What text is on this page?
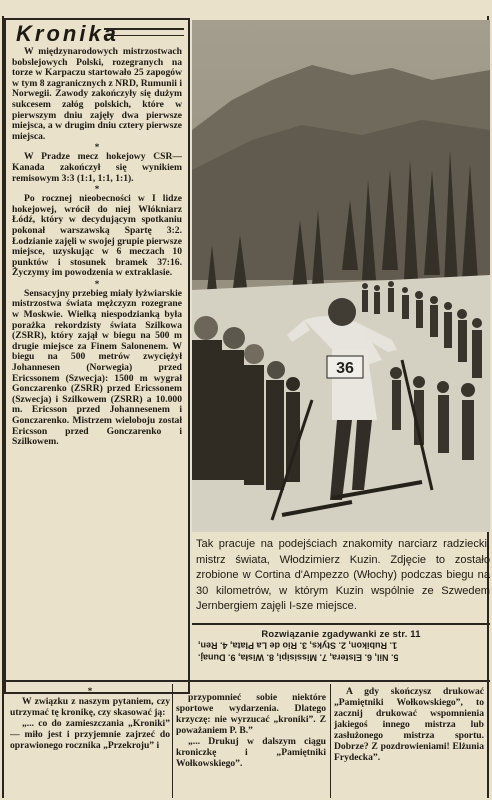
Kronika

W międzynarodowych mistrzostwach bobslejowych Polski, rozegranych na torze w Karpaczu startowało 25 zapogów w tym 8 zagranicznych z NRD, Rumunii i Norwegii. Zawody zakończyły się dużym sukcesem załóg polskich, które w pierwszym dniu zajęły dwa pierwsze miejsca, a w drugim dniu cztery pierwsze miejsca.

*

W Pradze mecz hokejowy CSR—Kanada zakończył się wynikiem remisowym 3:3 (1:1, 1:1, 1:1).

*

Po rocznej nieobecności w I lidze hokejowej, wrócił do niej Włókniarz Łódź, który w decydującym spotkaniu pokonał warszawską Spartę 3:2. Łodzianie zajęli w swojej grupie pierwsze miejsce, uzyskując w 6 meczach 10 punktów i stosunek bramek 37:16. Życzymy im powodzenia w extraklasie.

*

Sensacyjny przebieg miały łyżwiarskie mistrzostwa świata mężczyzn rozegrane w Moskwie. Wielką niespodzianką była porażka rekordzisty świata Szilkowa (ZSRR), który zajął w biegu na 500 m drugie miejsce za Finem Salonenem. W biegu na 500 metrów zwyciężył Johannesen (Norwegia) przed Ericssonem (Szwecja): 1500 m wygrał Gonczarenko (ZSRR) przed Ericssonem (Szwecja) i Szilkowem (ZSRR) a 10.000 m. Ericsson przed Johannesenem i Gonczarenko. Mistrzem wieloboju został Ericsson przed Gonczarenko i Szilkowem.

36
Tak pracuje na podejściach znakomity narciarz radziecki, mistrz świata, Włodzimierz Kuzin. Zdjęcie to zostało zrobione w Cortina d'Ampezzo (Włochy) podczas biegu na 30 kilometrów, w którym Kuzin wspólnie ze Szwedem Jernbergiem zajęli I-sze miejsce.
Rozwiązanie zgadywanki ze str. 11
1. Rubikon, 2. Styks, 3. Rio de La Plata, 4. Ren,
5. Nil, 6. Elstera, 7. Missisipi, 8. Wisła, 9. Dunaj.
*

W związku z naszym pytaniem, czy utrzymać tę kronikę, czy skasować ją:

„... co do zamieszczania „Kroniki” — miło jest i przyjemnie zajrzeć do oprawionego rocznika „Przekroju” i

przypomnieć sobie niektóre sportowe wydarzenia. Dlatego krzyczę: nie wyrzucać „kroniki”. Z poważaniem P. B.”

„... Drukuj w dalszym ciągu kroniczkę i „Pamiętniki Wołkowskiego”.

A gdy skończysz drukować „Pamiętniki Wołkowskiego”, to zacznij drukować wspomnienia jakiegoś innego mistrza lub zasłużonego mistrza sportu. Dobrze? Z pozdrowieniami! Elżunia Frydecka”.
